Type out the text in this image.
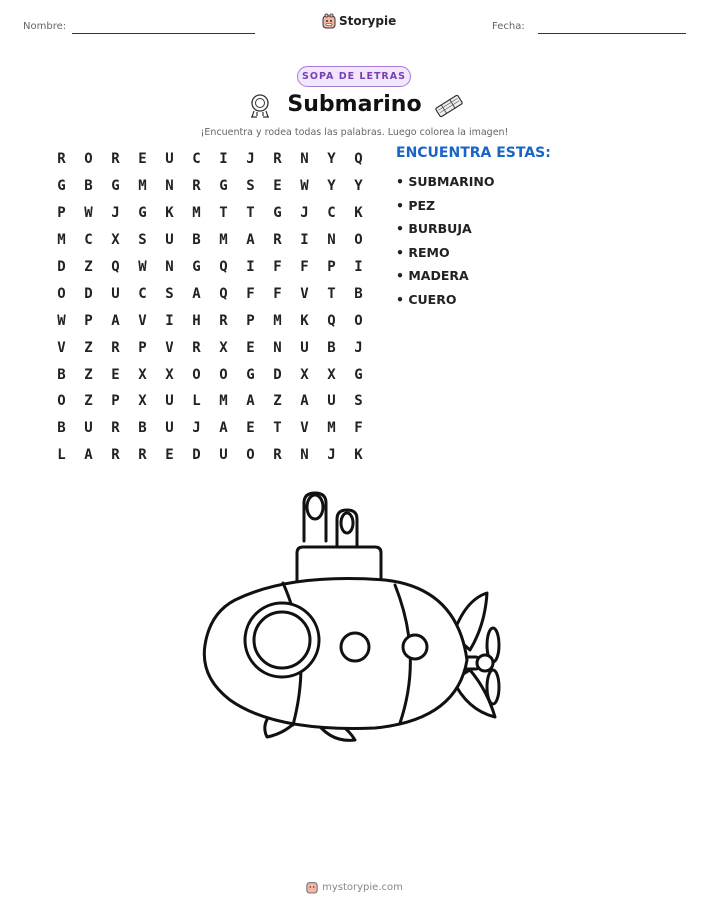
Nombre:	Storypie	Fecha:
SOPA DE LETRAS
Submarino
¡Encuentra y rodea todas las palabras. Luego colorea la imagen!
R	O	R	E	U	C	I	J	R	N	Y	Q
G	B	G	M	N	R	G	S	E	W	Y	Y
P	W	J	G	K	M	T	T	G	J	C	K
M	C	X	S	U	B	M	A	R	I	N	O
D	Z	Q	W	N	G	Q	I	F	F	P	I
O	D	U	C	S	A	Q	F	F	V	T	B
W	P	A	V	I	H	R	P	M	K	Q	O
V	Z	R	P	V	R	X	E	N	U	B	J
B	Z	E	X	X	O	O	G	D	X	X	G
O	Z	P	X	U	L	M	A	Z	A	U	S
B	U	R	B	U	J	A	E	T	V	M	F
L	A	R	R	E	D	U	O	R	N	J	K
ENCUENTRA ESTAS:
• SUBMARINO
• PEZ
• BURBUJA
• REMO
• MADERA
• CUERO
mystorypie.com
